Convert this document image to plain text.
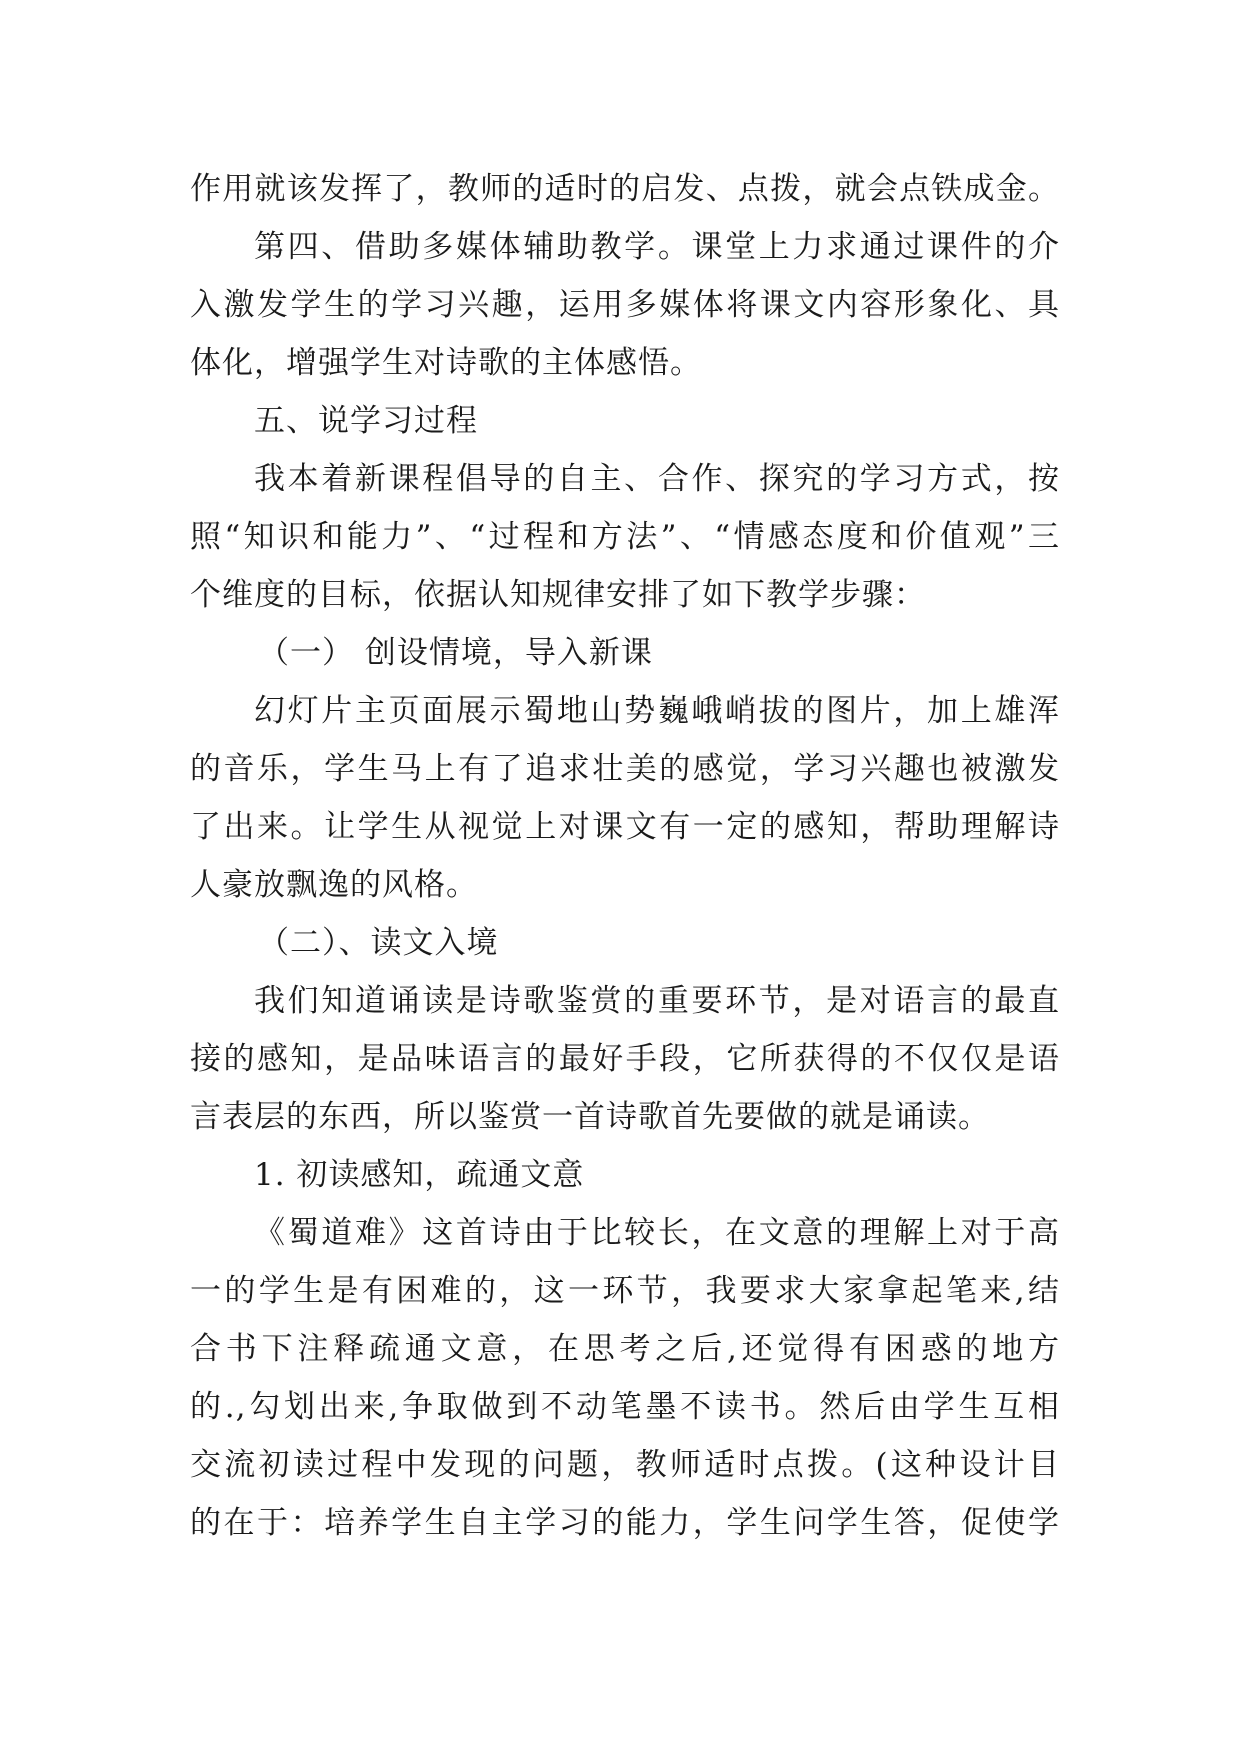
作用就该发挥了，教师的适时的启发、点拨，就会点铁成金。
第四、借助多媒体辅助教学。课堂上力求通过课件的介
入激发学生的学习兴趣，运用多媒体将课文内容形象化、具
体化，增强学生对诗歌的主体感悟。
五、说学习过程
我本着新课程倡导的自主、合作、探究的学习方式，按
照“知识和能力”、“过程和方法”、“情感态度和价值观”三
个维度的目标，依据认知规律安排了如下教学步骤：
（一） 创设情境，导入新课
幻灯片主页面展示蜀地山势巍峨峭拔的图片，加上雄浑
的音乐，学生马上有了追求壮美的感觉，学习兴趣也被激发
了出来。让学生从视觉上对课文有一定的感知，帮助理解诗
人豪放飘逸的风格。
（二）、读文入境
我们知道诵读是诗歌鉴赏的重要环节，是对语言的最直
接的感知，是品味语言的最好手段，它所获得的不仅仅是语
言表层的东西，所以鉴赏一首诗歌首先要做的就是诵读。
1. 初读感知，疏通文意
《蜀道难》这首诗由于比较长，在文意的理解上对于高
一的学生是有困难的，这一环节，我要求大家拿起笔来,结
合书下注释疏通文意，在思考之后,还觉得有困惑的地方
的.,勾划出来,争取做到不动笔墨不读书。然后由学生互相
交流初读过程中发现的问题，教师适时点拨。(这种设计目
的在于：培养学生自主学习的能力，学生问学生答，促使学
